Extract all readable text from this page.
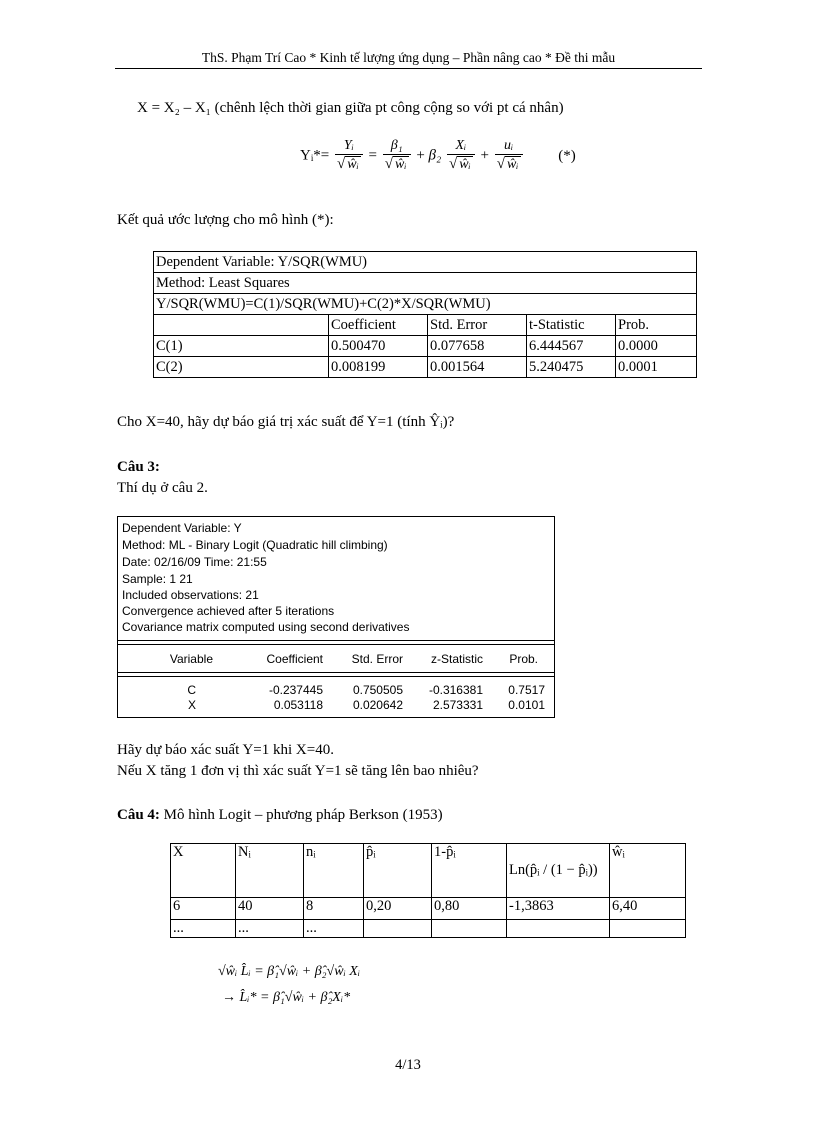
ThS. Phạm Trí Cao * Kinh tế lượng ứng dụng – Phần nâng cao * Đề thi mẫu
X = X₂ – X₁ (chênh lệch thời gian giữa pt công cộng so với pt cá nhân)
Yᵢ*= $\frac{\text{Yᵢ}}{\text{√ ŵᵢ}} = \frac{\text{β₁}}{\text{√ ŵᵢ}} + \beta_2 \frac{\text{Xᵢ}}{\text{√ ŵᵢ}} + \frac{\text{uᵢ}}{\text{√ ŵᵢ}}$ (*)
Kết quả ước lượng cho mô hình (*):
Dependent Variable: Y/SQR(WMU)				
Method: Least Squares				
Y/SQR(WMU)=C(1)/SQR(WMU)+C(2)*X/SQR(WMU)				
	Coefficient	Std. Error	t-Statistic	Prob.
C(1)	0.500470	0.077658	6.444567	0.0000
C(2)	0.008199	0.001564	5.240475	0.0001
Cho X=40, hãy dự báo giá trị xác suất để Y=1 (tính Ŷᵢ)?
Câu 3:
Thí dụ ở câu 2.
Dependent Variable: Y
Method: ML - Binary Logit (Quadratic hill climbing)
Date: 02/16/09 Time: 21:55
Sample: 1 21
Included observations: 21
Convergence achieved after 5 iterations
Covariance matrix computed using second derivatives
Variable	Coefficient	Std. Error	z-Statistic	Prob.
C	-0.237445	0.750505	-0.316381	0.7517
X	0.053118	0.020642	2.573331	0.0101
Hãy dự báo xác suất Y=1 khi X=40.
Nếu X tăng 1 đơn vị thì xác suất Y=1 sẽ tăng lên bao nhiêu?
Câu 4: Mô hình Logit – phương pháp Berkson (1953)
X	Nᵢ	nᵢ	p̂ᵢ	1-p̂ᵢ	Ln(p̂ᵢ / (1 − p̂ᵢ))	ŵᵢ
6	40	8	0,20	0,80	-1,3863	6,40
...	...	...				
√ŵᵢ L̂ᵢ = β̂₁√ŵᵢ + β̂₂√ŵᵢ Xᵢ
→ L̂ᵢ* = β̂₁√ŵᵢ + β̂₂Xᵢ*
4/13
